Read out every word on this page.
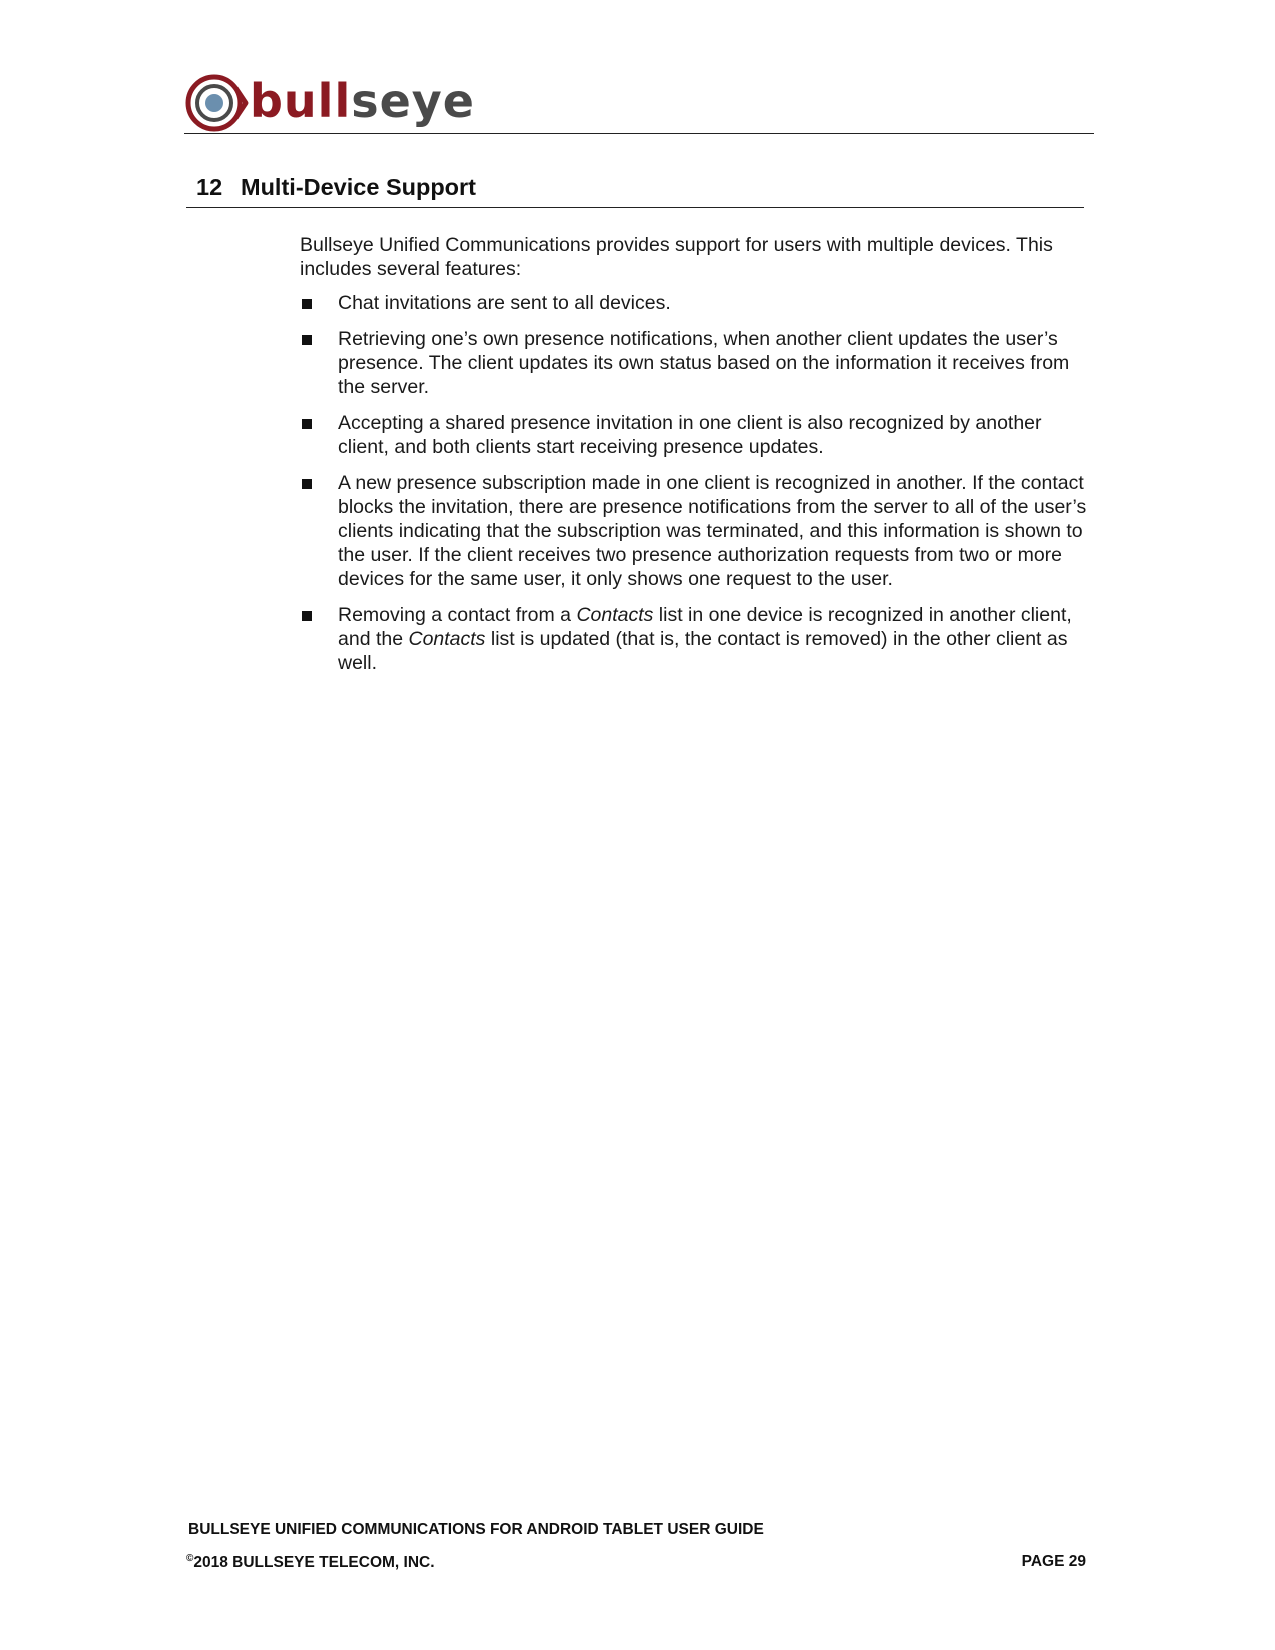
bullseye
12 Multi-Device Support

Bullseye Unified Communications provides support for users with multiple devices. This includes several features:

Chat invitations are sent to all devices.
Retrieving one’s own presence notifications, when another client updates the user’s presence. The client updates its own status based on the information it receives from the server.
Accepting a shared presence invitation in one client is also recognized by another client, and both clients start receiving presence updates.
A new presence subscription made in one client is recognized in another. If the contact blocks the invitation, there are presence notifications from the server to all of the user’s clients indicating that the subscription was terminated, and this information is shown to the user. If the client receives two presence authorization requests from two or more devices for the same user, it only shows one request to the user.
Removing a contact from a Contacts list in one device is recognized in another client, and the Contacts list is updated (that is, the contact is removed) in the other client as well.
BULLSEYE UNIFIED COMMUNICATIONS FOR ANDROID TABLET USER GUIDE
©2018 BULLSEYE TELECOM, INC.	PAGE 29
